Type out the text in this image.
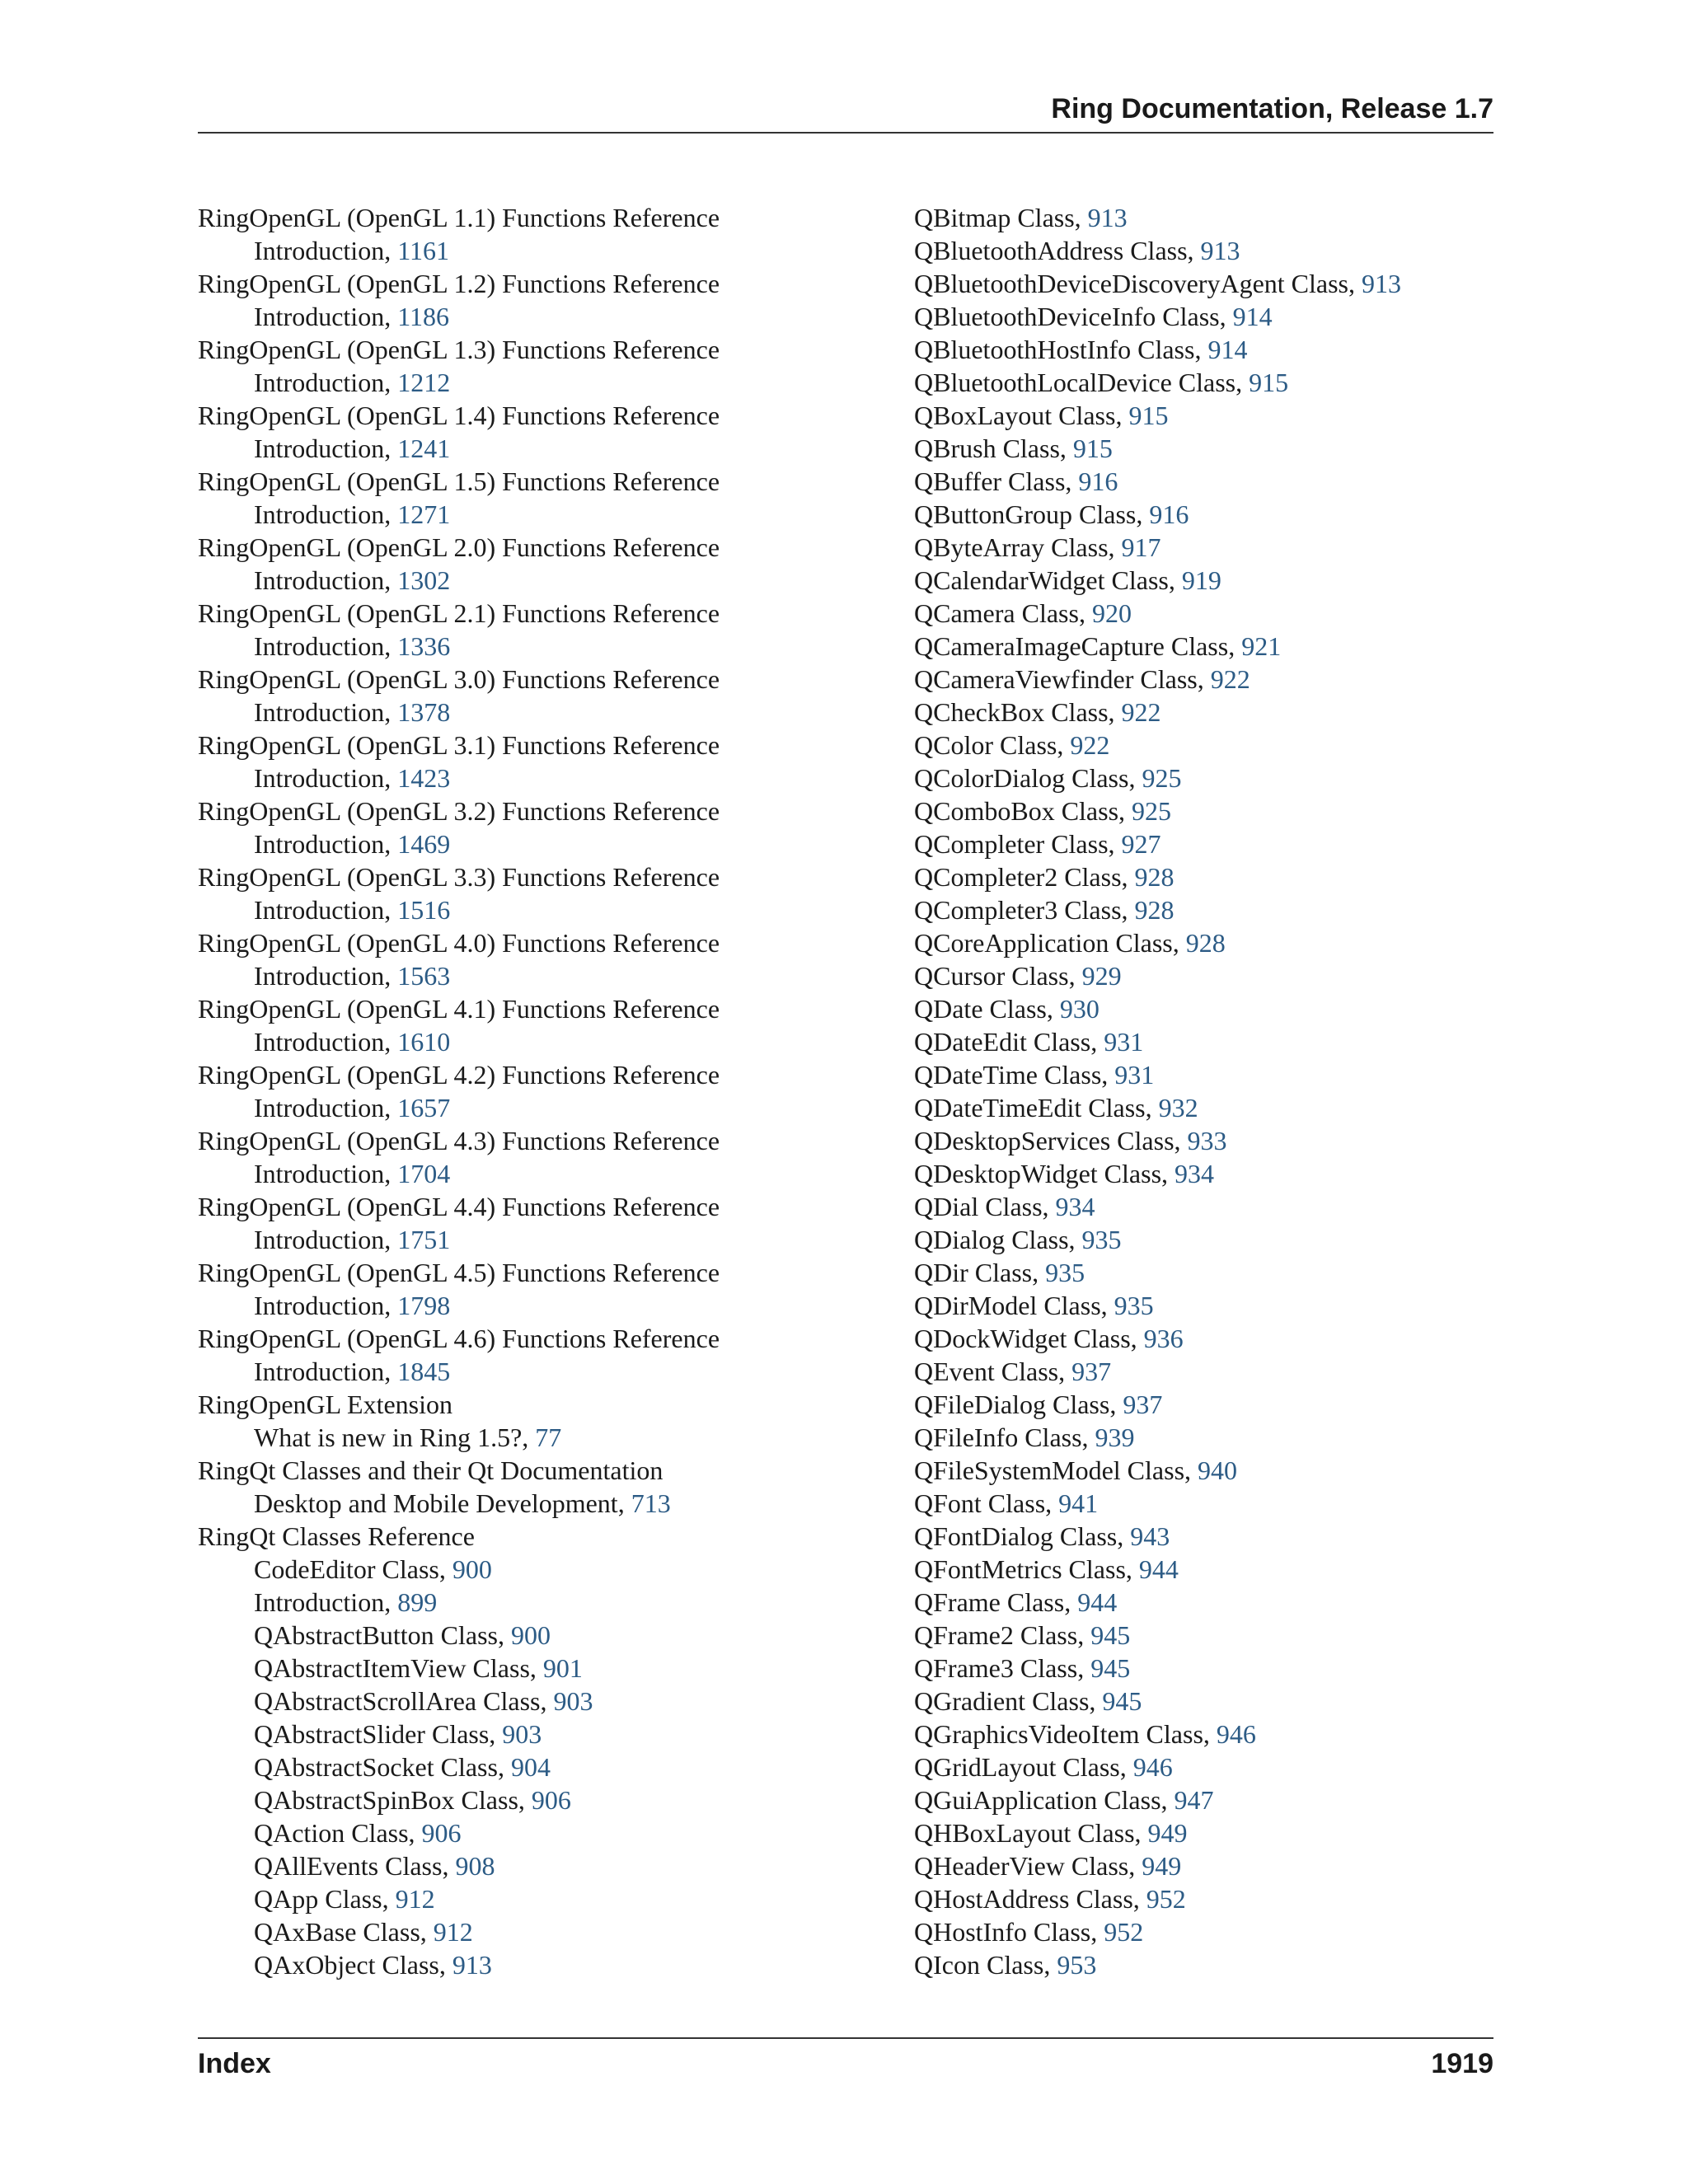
Ring Documentation, Release 1.7
RingOpenGL (OpenGL 1.1) Functions Reference
Introduction, 1161
RingOpenGL (OpenGL 1.2) Functions Reference
Introduction, 1186
RingOpenGL (OpenGL 1.3) Functions Reference
Introduction, 1212
RingOpenGL (OpenGL 1.4) Functions Reference
Introduction, 1241
RingOpenGL (OpenGL 1.5) Functions Reference
Introduction, 1271
RingOpenGL (OpenGL 2.0) Functions Reference
Introduction, 1302
RingOpenGL (OpenGL 2.1) Functions Reference
Introduction, 1336
RingOpenGL (OpenGL 3.0) Functions Reference
Introduction, 1378
RingOpenGL (OpenGL 3.1) Functions Reference
Introduction, 1423
RingOpenGL (OpenGL 3.2) Functions Reference
Introduction, 1469
RingOpenGL (OpenGL 3.3) Functions Reference
Introduction, 1516
RingOpenGL (OpenGL 4.0) Functions Reference
Introduction, 1563
RingOpenGL (OpenGL 4.1) Functions Reference
Introduction, 1610
RingOpenGL (OpenGL 4.2) Functions Reference
Introduction, 1657
RingOpenGL (OpenGL 4.3) Functions Reference
Introduction, 1704
RingOpenGL (OpenGL 4.4) Functions Reference
Introduction, 1751
RingOpenGL (OpenGL 4.5) Functions Reference
Introduction, 1798
RingOpenGL (OpenGL 4.6) Functions Reference
Introduction, 1845
RingOpenGL Extension
What is new in Ring 1.5?, 77
RingQt Classes and their Qt Documentation
Desktop and Mobile Development, 713
RingQt Classes Reference
CodeEditor Class, 900
Introduction, 899
QAbstractButton Class, 900
QAbstractItemView Class, 901
QAbstractScrollArea Class, 903
QAbstractSlider Class, 903
QAbstractSocket Class, 904
QAbstractSpinBox Class, 906
QAction Class, 906
QAllEvents Class, 908
QApp Class, 912
QAxBase Class, 912
QAxObject Class, 913
QBitmap Class, 913
QBluetoothAddress Class, 913
QBluetoothDeviceDiscoveryAgent Class, 913
QBluetoothDeviceInfo Class, 914
QBluetoothHostInfo Class, 914
QBluetoothLocalDevice Class, 915
QBoxLayout Class, 915
QBrush Class, 915
QBuffer Class, 916
QButtonGroup Class, 916
QByteArray Class, 917
QCalendarWidget Class, 919
QCamera Class, 920
QCameraImageCapture Class, 921
QCameraViewfinder Class, 922
QCheckBox Class, 922
QColor Class, 922
QColorDialog Class, 925
QComboBox Class, 925
QCompleter Class, 927
QCompleter2 Class, 928
QCompleter3 Class, 928
QCoreApplication Class, 928
QCursor Class, 929
QDate Class, 930
QDateEdit Class, 931
QDateTime Class, 931
QDateTimeEdit Class, 932
QDesktopServices Class, 933
QDesktopWidget Class, 934
QDial Class, 934
QDialog Class, 935
QDir Class, 935
QDirModel Class, 935
QDockWidget Class, 936
QEvent Class, 937
QFileDialog Class, 937
QFileInfo Class, 939
QFileSystemModel Class, 940
QFont Class, 941
QFontDialog Class, 943
QFontMetrics Class, 944
QFrame Class, 944
QFrame2 Class, 945
QFrame3 Class, 945
QGradient Class, 945
QGraphicsVideoItem Class, 946
QGridLayout Class, 946
QGuiApplication Class, 947
QHBoxLayout Class, 949
QHeaderView Class, 949
QHostAddress Class, 952
QHostInfo Class, 952
QIcon Class, 953
Index	1919
